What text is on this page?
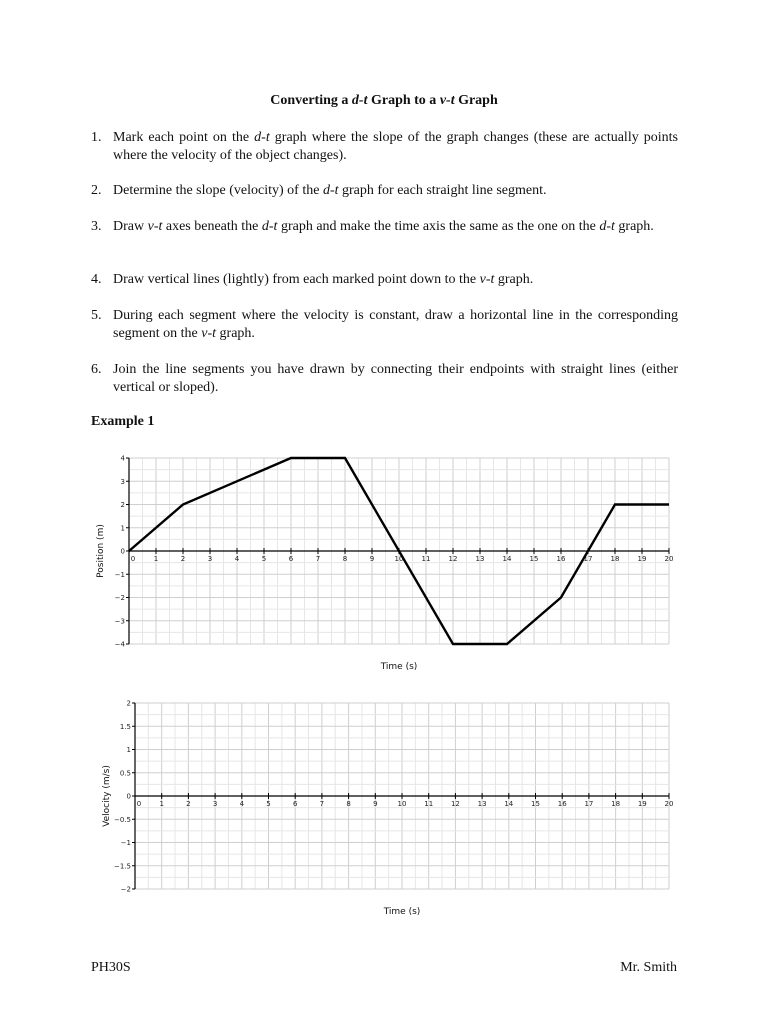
Converting a d-t Graph to a v-t Graph
1. Mark each point on the d-t graph where the slope of the graph changes (these are actually points where the velocity of the object changes).
2. Determine the slope (velocity) of the d-t graph for each straight line segment.
3. Draw v-t axes beneath the d-t graph and make the time axis the same as the one on the d-t graph.
4. Draw vertical lines (lightly) from each marked point down to the v-t graph.
5. During each segment where the velocity is constant, draw a horizontal line in the corresponding segment on the v-t graph.
6. Join the line segments you have drawn by connecting their endpoints with straight lines (either vertical or sloped).
Example 1
0	1	2	3	4	5	6	7	8	9	10	11	12	13	14	15	16	17	18	19	20
4
3
2
1
0
−1
−2
−3
−4
Time (s)
Position (m)
0	1	2	3	4	5	6	7	8	9	10	11	12	13	14	15	16	17	18	19	20
2
1.5
1
0.5
0
−0.5
−1
−1.5
−2
Time (s)
Velocity (m/s)
PH30S	Mr. Smith
